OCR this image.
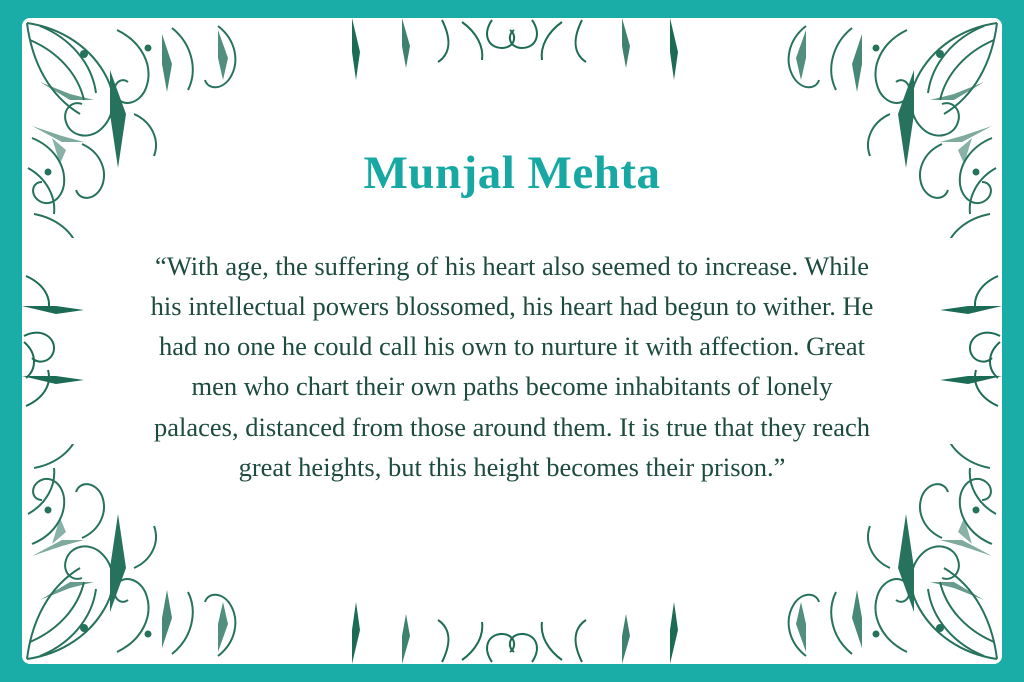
Munjal Mehta

“With age, the suffering of his heart also seemed to increase. While his intellectual powers blossomed, his heart had begun to wither. He had no one he could call his own to nurture it with affection. Great men who chart their own paths become inhabitants of lonely palaces, distanced from those around them. It is true that they reach great heights, but this height becomes their prison.”
